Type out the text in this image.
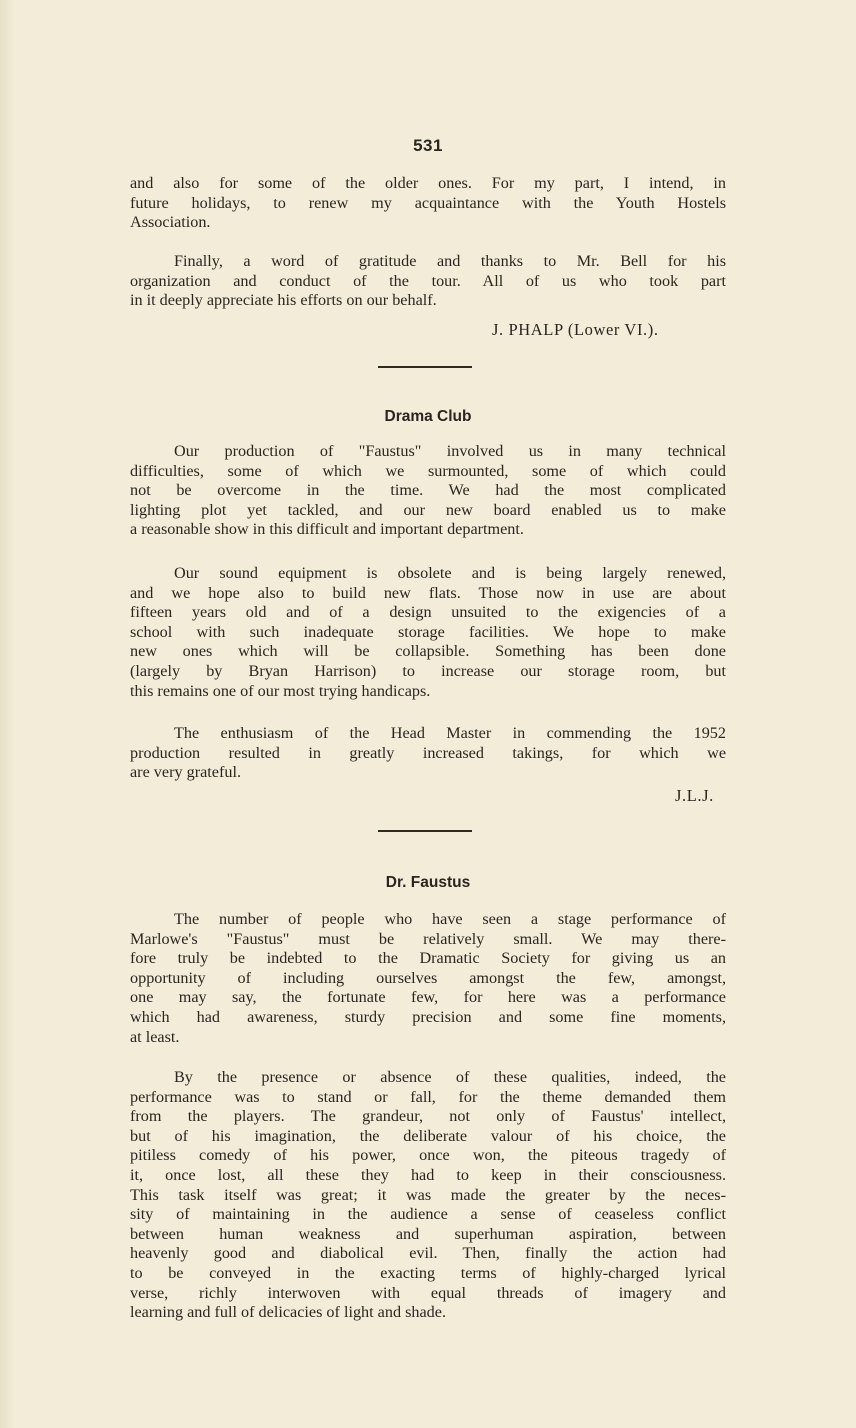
531
and also for some of the older ones. For my part, I intend, in
future holidays, to renew my acquaintance with the Youth Hostels
Association.
Finally, a word of gratitude and thanks to Mr. Bell for his
organization and conduct of the tour. All of us who took part
in it deeply appreciate his efforts on our behalf.
J. PHALP (Lower VI.).
Drama Club
Our production of "Faustus" involved us in many technical
difficulties, some of which we surmounted, some of which could
not be overcome in the time. We had the most complicated
lighting plot yet tackled, and our new board enabled us to make
a reasonable show in this difficult and important department.
Our sound equipment is obsolete and is being largely renewed,
and we hope also to build new flats. Those now in use are about
fifteen years old and of a design unsuited to the exigencies of a
school with such inadequate storage facilities. We hope to make
new ones which will be collapsible. Something has been done
(largely by Bryan Harrison) to increase our storage room, but
this remains one of our most trying handicaps.
The enthusiasm of the Head Master in commending the 1952
production resulted in greatly increased takings, for which we
are very grateful.
J.L.J.
Dr. Faustus
The number of people who have seen a stage performance of
Marlowe's "Faustus" must be relatively small. We may there-
fore truly be indebted to the Dramatic Society for giving us an
opportunity of including ourselves amongst the few, amongst,
one may say, the fortunate few, for here was a performance
which had awareness, sturdy precision and some fine moments,
at least.
By the presence or absence of these qualities, indeed, the
performance was to stand or fall, for the theme demanded them
from the players. The grandeur, not only of Faustus' intellect,
but of his imagination, the deliberate valour of his choice, the
pitiless comedy of his power, once won, the piteous tragedy of
it, once lost, all these they had to keep in their consciousness.
This task itself was great; it was made the greater by the neces-
sity of maintaining in the audience a sense of ceaseless conflict
between human weakness and superhuman aspiration, between
heavenly good and diabolical evil. Then, finally the action had
to be conveyed in the exacting terms of highly-charged lyrical
verse, richly interwoven with equal threads of imagery and
learning and full of delicacies of light and shade.
